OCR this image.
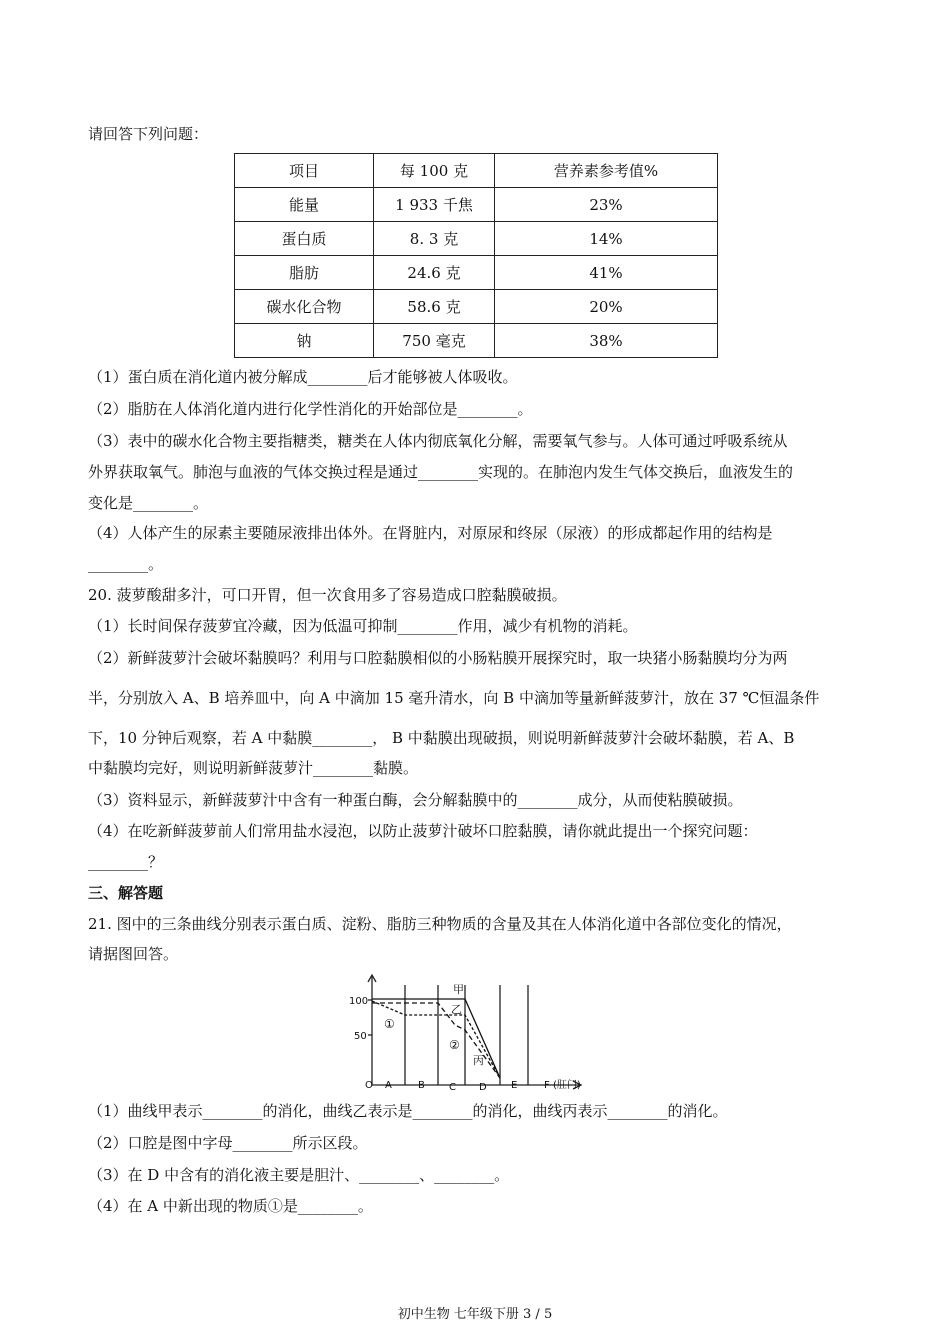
请回答下列问题：
项目	每 100 克	营养素参考值%
能量	1 933 千焦	23%
蛋白质	8. 3 克	14%
脂肪	24.6 克	41%
碳水化合物	58.6 克	20%
钠	750 毫克	38%
（1）蛋白质在消化道内被分解成________后才能够被人体吸收。
（2）脂肪在人体消化道内进行化学性消化的开始部位是________。
（3）表中的碳水化合物主要指糖类，糖类在人体内彻底氧化分解，需要氧气参与。人体可通过呼吸系统从
外界获取氧气。肺泡与血液的气体交换过程是通过________实现的。在肺泡内发生气体交换后，血液发生的
变化是________。
（4）人体产生的尿素主要随尿液排出体外。在肾脏内，对原尿和终尿（尿液）的形成都起作用的结构是
________。
20. 菠萝酸甜多汁，可口开胃，但一次食用多了容易造成口腔黏膜破损。
（1）长时间保存菠萝宜冷藏，因为低温可抑制________作用，减少有机物的消耗。
（2）新鲜菠萝汁会破坏黏膜吗？利用与口腔黏膜相似的小肠粘膜开展探究时，取一块猪小肠黏膜均分为两
半，分别放入 A、B 培养皿中，向 A 中滴加 15 毫升清水，向 B 中滴加等量新鲜菠萝汁，放在 37 ℃恒温条件
下，10 分钟后观察，若 A 中黏膜________， B 中黏膜出现破损，则说明新鲜菠萝汁会破坏黏膜，若 A、B
中黏膜均完好，则说明新鲜菠萝汁________黏膜。
（3）资料显示，新鲜菠萝汁中含有一种蛋白酶，会分解黏膜中的________成分，从而使粘膜破损。
（4）在吃新鲜菠萝前人们常用盐水浸泡，以防止菠萝汁破坏口腔黏膜，请你就此提出一个探究问题：
________？
三、解答题
21. 图中的三条曲线分别表示蛋白质、淀粉、脂肪三种物质的含量及其在人体消化道中各部位变化的情况，
请据图回答。
100
50
O A	B C D E	F (肛门)
甲
乙
丙
①
②
（1）曲线甲表示________的消化，曲线乙表示是________的消化，曲线丙表示________的消化。
（2）口腔是图中字母________所示区段。
（3）在 D 中含有的消化液主要是胆汁、________、________。
（4）在 A 中新出现的物质①是________。
初中生物 七年级下册 3 / 5
